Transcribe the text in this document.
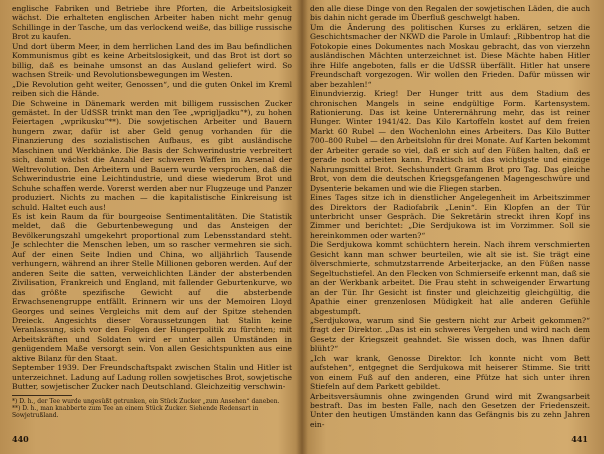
englische Fabriken und Betriebe ihre Pforten, die Arbeitslosigkeit wächst. Die erhalteten englischen Arbeiter haben nicht mehr genug Schillinge in der Tasche, um das verlockend weiße, das billige russische Brot zu kaufen.

Und dort überm Meer, in dem herrlichen Land des im Bau befindlichen Kommunismus gibt es keine Arbeitslosigkeit, und das Brot ist dort so billig, daß es beinahe umsonst an das Ausland geliefert wird. So wachsen Streik- und Revolutionsbewegungen im Westen.

„Die Revolution geht weiter, Genossen“, und die guten Onkel im Kreml reiben sich die Hände.

Die Schweine in Dänemark werden mit billigem russischen Zucker gemästet. In der UdSSR trinkt man den Tee „wprigljadku“*), zu hohen Feiertagen „wprikusku“**). Die sowjetischen Arbeiter und Bauern hungern zwar, dafür ist aber Geld genug vorhanden für die Finanzierung des sozialistischen Aufbaus, es gibt ausländische Maschinen und Werkbänke. Die Basis der Schwerindustrie verbreitert sich, damit wächst die Anzahl der schweren Waffen im Arsenal der Weltrevolution. Den Arbeitern und Bauern wurde versprochen, daß die Schwerindustrie eine Leichtindustrie, und diese wiederum Brot und Schuhe schaffen werde. Vorerst werden aber nur Flugzeuge und Panzer produziert. Nichts zu machen — die kapitalistische Einkreisung ist schuld. Haltet euch aus!

Es ist kein Raum da für bourgeoise Sentimentalitäten. Die Statistik meldet, daß die Geburtenbewegung und das Ansteigen der Bevölkerungszahl umgekehrt proportional zum Lebensstandard steht. Je schlechter die Menschen leben, um so rascher vermehren sie sich. Auf der einen Seite Indien und China, wo alljährlich Tausende verhungern, während an ihrer Stelle Millionen geboren werden. Auf der anderen Seite die satten, verweichlichten Länder der absterbenden Zivilisation, Frankreich und England, mit fallender Geburtenkurve, wo das größte spezifische Gewicht auf die absterbende Erwachsenengruppe entfällt. Erinnern wir uns der Memoiren Lloyd Georges und seines Vergleichs mit dem auf der Spitze stehenden Dreieck. Angesichts dieser Voraussetzungen hat Stalin keine Veranlassung, sich vor den Folgen der Hungerpolitik zu fürchten; mit Arbeitskräften und Soldaten wird er unter allen Umständen in genügendem Maße versorgt sein. Von allen Gesichtspunkten aus eine aktive Bilanz für den Staat.

September 1939. Der Freundschaftspakt zwischen Stalin und Hitler ist unterzeichnet. Ladung auf Ladung rollen sowjetisches Brot, sowjetische Butter, sowjetischer Zucker nach Deutschland. Gleichzeitig verschwin-

*) D. h., der Tee wurde ungesüßt getrunken, ein Stück Zucker „zum Ansehen“ daneben.

**) D. h., man knabberte zum Tee an einem Stück Zucker. Siehende Redensart in Sowjetrußland.

440

den alle diese Dinge von den Regalen der sowjetischen Läden, die auch bis dahin nicht gerade im Überfluß geschwelgt haben.

Um die Änderung des politischen Kurses zu erklären, setzen die Geschichtsmacher der NKWD die Parole in Umlauf: „Ribbentrop hat die Fotokopie eines Dokumentes nach Moskau gebracht, das von vierzehn ausländischen Mächten unterzeichnet ist. Diese Mächte haben Hitler ihre Hilfe angeboten, falls er die UdSSR überfällt. Hitler hat unsere Freundschaft vorgezogen. Wir wollen den Frieden. Dafür müssen wir aber bezahlen!“

Einundvierzig. Krieg! Der Hunger tritt aus dem Stadium des chronischen Mangels in seine endgültige Form. Kartensystem. Rationierung. Das ist keine Unterernährung mehr, das ist reiner Hunger. Winter 1941/42. Das Kilo Kartoffeln kostet auf dem freien Markt 60 Rubel — den Wochenlohn eines Arbeiters. Das Kilo Butter 700–800 Rubel — den Arbeitslohn für drei Monate. Auf Karten bekommt der Arbeiter gerade so viel, daß er sich auf den Füßen halten, daß er gerade noch arbeiten kann. Praktisch ist das wichtigste und einzige Nahrungsmittel Brot. Sechshundert Gramm Brot pro Tag. Das gleiche Brot, von dem die deutschen Kriegsgefangenen Magengeschwüre und Dysenterie bekamen und wie die Fliegen starben.

Eines Tages sitze ich in dienstlicher Angelegenheit im Arbeitszimmer des Direktors der Radiofabrik „Lenin“. Ein Klopfen an der Tür unterbricht unser Gespräch. Die Sekretärin streckt ihren Kopf ins Zimmer und berichtet: „Die Serdjukowa ist im Vorzimmer. Soll sie hereinkommen oder warten?“

Die Serdjukowa kommt schüchtern herein. Nach ihrem verschmierten Gesicht kann man schwer beurteilen, wie alt sie ist. Sie trägt eine ölverschmierte, schmutzstarrende Arbeiterjacke, an den Füßen nasse Segeltuchstiefel. An den Flecken von Schmierseife erkennt man, daß sie an der Werkbank arbeitet. Die Frau steht in schweigender Erwartung an der Tür. Ihr Gesicht ist finster und gleichzeitig gleichgültig, die Apathie einer grenzenlosen Müdigkeit hat alle anderen Gefühle abgestumpft.

„Serdjukowa, warum sind Sie gestern nicht zur Arbeit gekommen?“ fragt der Direktor. „Das ist ein schweres Vergehen und wird nach dem Gesetz der Kriegszeit geahndet. Sie wissen doch, was Ihnen dafür blüht?“

„Ich war krank, Genosse Direktor. Ich konnte nicht vom Bett aufstehen“, entgegnet die Serdjukowa mit heiserer Stimme. Sie tritt von einem Fuß auf den anderen, eine Pfütze hat sich unter ihren Stiefeln auf dem Parkett gebildet.

Arbeitsversäumnis ohne zwingenden Grund wird mit Zwangsarbeit bestraft. Das im besten Falle, nach den Gesetzen der Friedenszeit. Unter den heutigen Umständen kann das Gefängnis bis zu zehn Jahren ein-

441
